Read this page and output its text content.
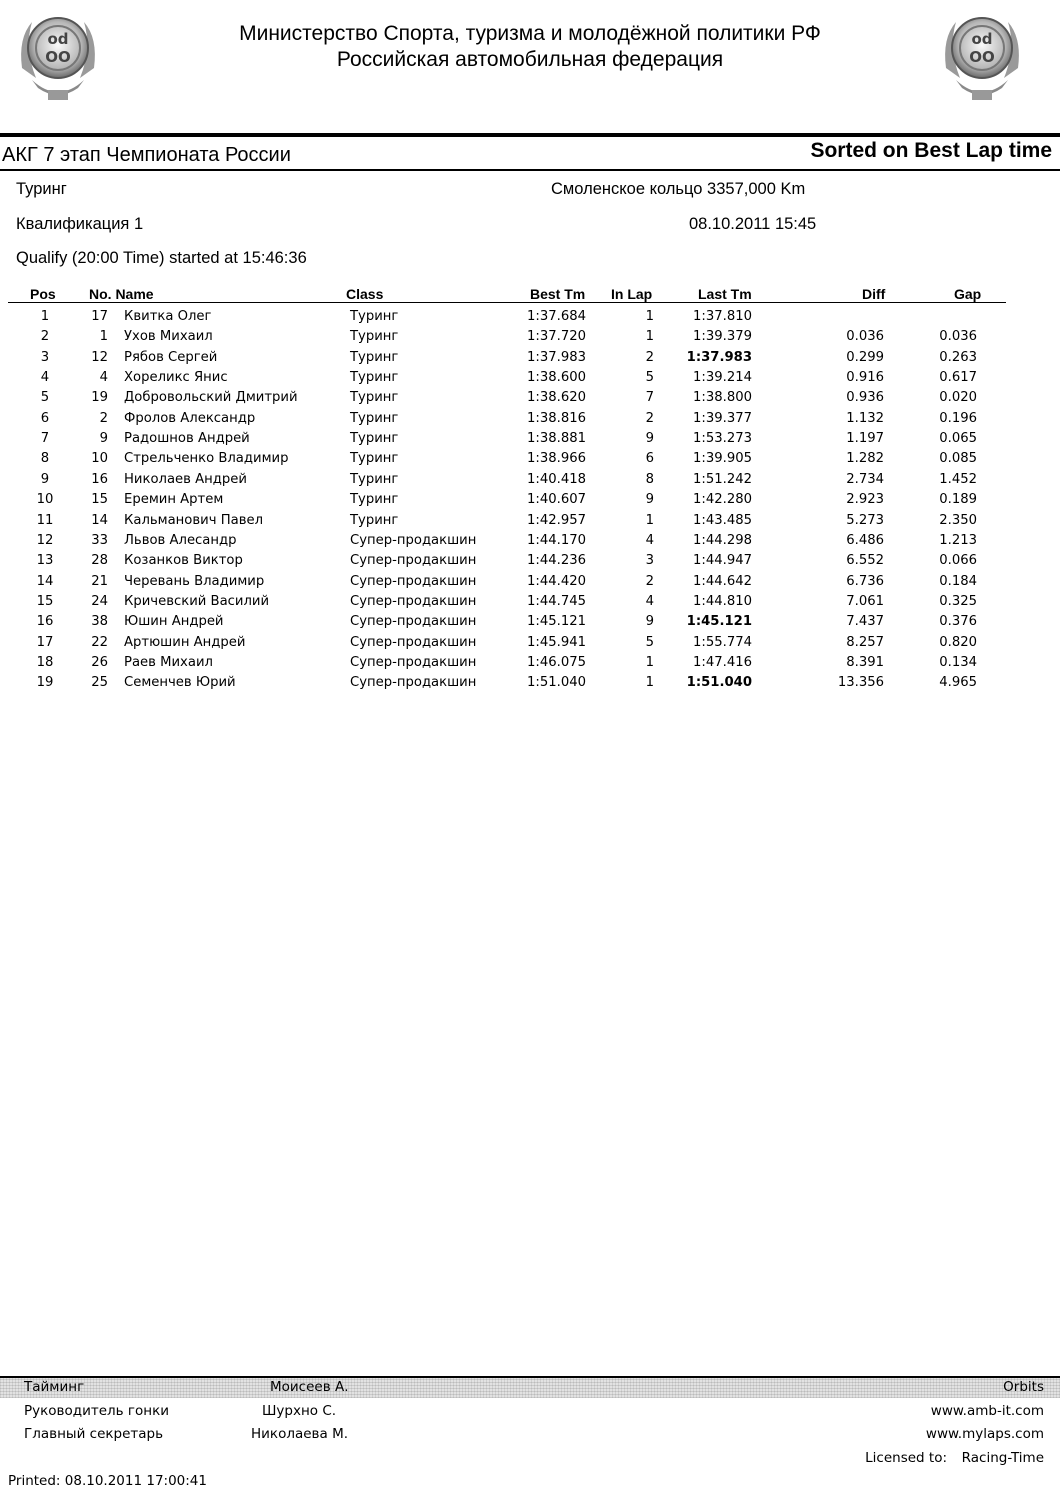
od
OO
od
OO
Министерство Спорта, туризма и молодёжной политики РФ
Российская автомобильная федерация
АКГ 7 этап Чемпионата России	Sorted on Best Lap time
Туринг	Смоленское кольцо 3357,000 Km
Квалификация 1	08.10.2011 15:45
Qualify (20:00 Time) started at 15:46:36
Pos No. Name	Class	Best Tm In Lap	Last Tm	Diff	Gap
1	17 Квитка Олег	Туринг	1:37.684	1	1:37.810
2	1 Ухов Михаил	Туринг	1:37.720	1	1:39.379	0.036	0.036
3	12 Рябов Сергей	Туринг	1:37.983	2	1:37.983	0.299	0.263
4	4 Хореликс Янис	Туринг	1:38.600	5	1:39.214	0.916	0.617
5	19 Добровольский Дмитрий	Туринг	1:38.620	7	1:38.800	0.936	0.020
6	2 Фролов Александр	Туринг	1:38.816	2	1:39.377	1.132	0.196
7	9 Радошнов Андрей	Туринг	1:38.881	9	1:53.273	1.197	0.065
8	10 Стрельченко Владимир	Туринг	1:38.966	6	1:39.905	1.282	0.085
9	16 Николаев Андрей	Туринг	1:40.418	8	1:51.242	2.734	1.452
10	15 Еремин Артем	Туринг	1:40.607	9	1:42.280	2.923	0.189
11	14 Кальманович Павел	Туринг	1:42.957	1	1:43.485	5.273	2.350
12	33 Львов Алесандр	Супер-продакшин	1:44.170	4	1:44.298	6.486	1.213
13	28 Козанков Виктор	Супер-продакшин	1:44.236	3	1:44.947	6.552	0.066
14	21 Черевань Владимир	Супер-продакшин	1:44.420	2	1:44.642	6.736	0.184
15	24 Кричевский Василий	Супер-продакшин	1:44.745	4	1:44.810	7.061	0.325
16	38 Юшин Андрей	Супер-продакшин	1:45.121	9	1:45.121	7.437	0.376
17	22 Артюшин Андрей	Супер-продакшин	1:45.941	5	1:55.774	8.257	0.820
18	26 Раев Михаил	Супер-продакшин	1:46.075	1	1:47.416	8.391	0.134
19	25 Семенчев Юрий	Супер-продакшин	1:51.040	1	1:51.040	13.356	4.965
Тайминг	Моисеев А.	Orbits
Руководитель гонки	Шурхно С.	www.amb-it.com
Главный секретарь	Николаева М.	www.mylaps.com
Licensed to: Racing-Time
Printed: 08.10.2011 17:00:41
